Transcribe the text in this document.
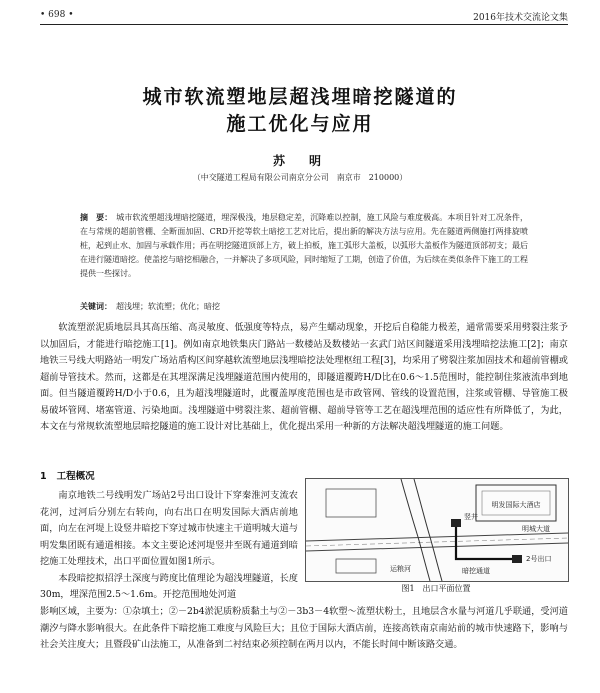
• 698 •	2016年技术交流论文集
城市软流塑地层超浅埋暗挖隧道的
施工优化与应用
苏　明
（中交隧道工程局有限公司南京分公司　南京市　210000）
摘　要： 城市软流塑超浅埋暗挖隧道，埋深极浅，地层稳定差，沉降难以控制，施工风险与难度极高。本项目针对工况条件，在与常规的超前管棚、全断面加固、CRD开挖等软土暗挖工艺对比后，提出新的解决方法与应用。先在隧道两侧施打两排旋喷桩，起到止水、加固与承载作用；再在明挖隧道顶部上方，破上拍板，施工弧形大盖板，以弧形大盖板作为隧道顶部初支；最后在进行隧道暗挖。使盖挖与暗挖相融合，一并解决了多项风险，同时缩短了工期，创造了价值，为后续在类似条件下施工的工程提供一些探讨。
关键词： 超浅埋；软流塑；优化；暗挖
软流塑淤泥质地层具其高压缩、高灵敏度、低强度等特点，易产生蠕动现象，开挖后自稳能力极差，通常需要采用劈裂注浆予以加固后，才能进行暗挖施工[1]。例如南京地铁集庆门路站一数楼站及数楼站一玄武门站区间隧道采用浅埋暗挖法施工[2]；南京地铁三号线大明路站一明发广场站盾构区间穿越软流塑地层浅埋暗挖法处理枢纽工程[3]，均采用了劈裂注浆加固技术和超前管棚或超前导管技术。然而，这都是在其埋深满足浅埋隧道范围内使用的，即隧道覆跨H/D比在0.6～1.5范围时，能控制住浆液流串到地面。但当隧道覆跨H/D小于0.6，且为超浅埋隧道时，此覆盖厚度范围也是市政管网、管线的设置范围，注浆或管棚、导管施工极易破坏管网、堵塞管道、污染地面。浅埋隧道中劈裂注浆、超前管棚、超前导管等工艺在超浅埋范围的适应性有所降低了，为此，本文在与常规软流塑地层暗挖隧道的施工设计对比基础上，优化提出采用一种新的方法解决超浅埋隧道的施工问题。
1 工程概况

南京地铁二号线明发广场站2号出口设计下穿秦淮河支流农花河，过河后分别左右转向，向右出口在明发国际大酒店前地面，向左在河堤上设竖井暗挖下穿过城市快速主干道明城大道与明发集团既有通道相接。本文主要论述河堤竖井至既有通道到暗挖施工处理技术，出口平面位置如图1所示。

本段暗挖拟招浮土深度与跨度比值理论为超浅埋隧道，长度30m，埋深范围2.5～1.6m。开挖范围地处河道

明发国际大酒店
运粮河
明城大道
竖井
2号出口
暗挖通道
图1　出口平面位置
影响区域，主要为：①杂填土；②－2b4淤泥质粉质黏土与②－3b3－4软塑～流塑状粉土，且地层含水量与河道几乎联通，受河道潮汐与降水影响很大。在此条件下暗挖施工难度与风险巨大；且位于国际大酒店前，连接高铁南京南站前的城市快速路下，影响与社会关注度大；且暨段矿山法施工，从准备到二衬结束必须控制在两月以内，不能长时间中断该路交通。
